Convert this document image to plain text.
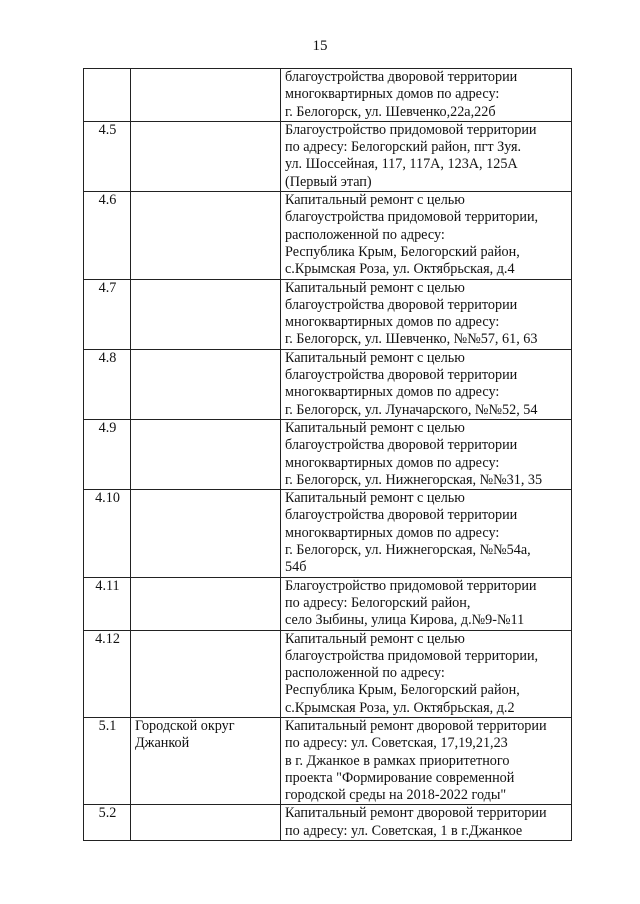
15

		благоустройства дворовой территории
многоквартирных домов по адресу:
г. Белогорск, ул. Шевченко,22а,22б

4.5		Благоустройство придомовой территории
по адресу: Белогорский район, пгт Зуя.
ул. Шоссейная, 117, 117А, 123А, 125А
(Первый этап)

4.6		Капитальный ремонт с целью
благоустройства придомовой территории,
расположенной по адресу:
Республика Крым, Белогорский район,
с.Крымская Роза, ул. Октябрьская, д.4

4.7		Капитальный ремонт с целью
благоустройства дворовой территории
многоквартирных домов по адресу:
г. Белогорск, ул. Шевченко, №№57, 61, 63

4.8		Капитальный ремонт с целью
благоустройства дворовой территории
многоквартирных домов по адресу:
г. Белогорск, ул. Луначарского, №№52, 54

4.9		Капитальный ремонт с целью
благоустройства дворовой территории
многоквартирных домов по адресу:
г. Белогорск, ул. Нижнегорская, №№31, 35

4.10		Капитальный ремонт с целью
благоустройства дворовой территории
многоквартирных домов по адресу:
г. Белогорск, ул. Нижнегорская, №№54а,
54б

4.11		Благоустройство придомовой территории
по адресу: Белогорский район,
село Зыбины, улица Кирова, д.№9-№11

4.12		Капитальный ремонт с целью
благоустройства придомовой территории,
расположенной по адресу:
Республика Крым, Белогорский район,
с.Крымская Роза, ул. Октябрьская, д.2

5.1	Городской округ Джанкой	Капитальный ремонт дворовой территории
по адресу: ул. Советская, 17,19,21,23
в г. Джанкое в рамках приоритетного
проекта "Формирование современной
городской среды на 2018-2022 годы"

5.2		Капитальный ремонт дворовой территории
по адресу: ул. Советская, 1 в г.Джанкое
